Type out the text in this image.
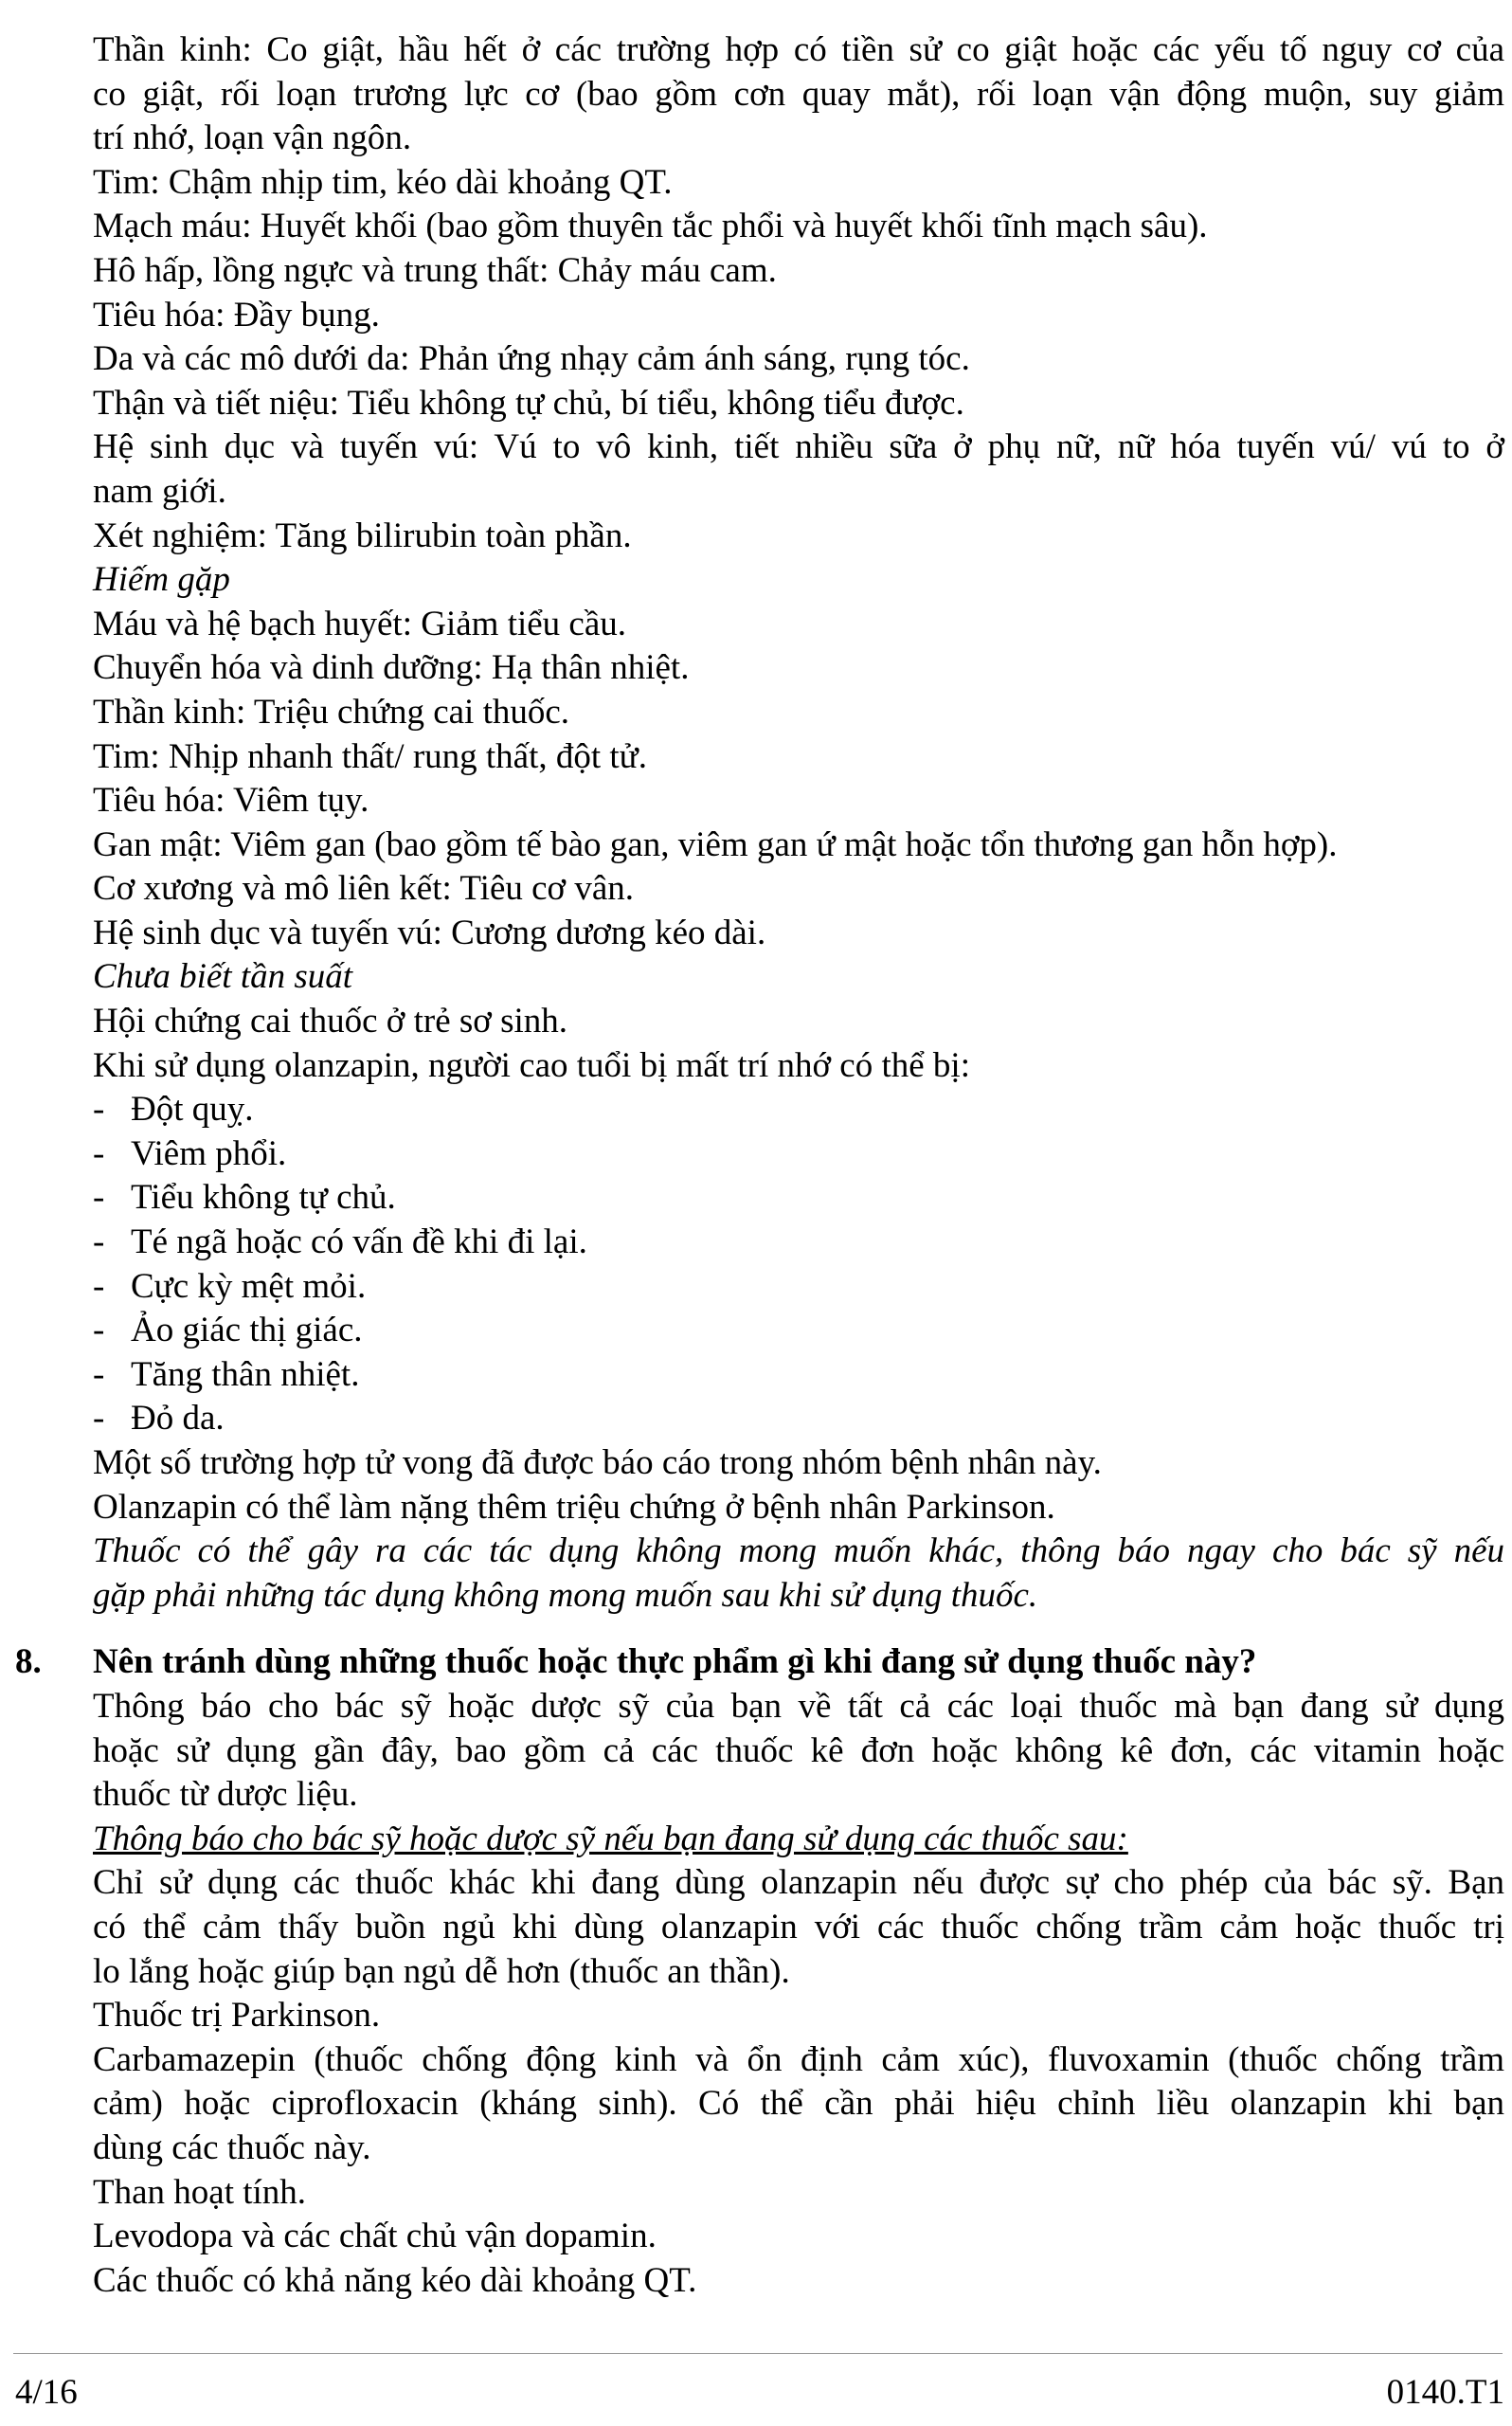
Thần kinh: Co giật, hầu hết ở các trường hợp có tiền sử co giật hoặc các yếu tố nguy cơ của
co giật, rối loạn trương lực cơ (bao gồm cơn quay mắt), rối loạn vận động muộn, suy giảm
trí nhớ, loạn vận ngôn.
Tim: Chậm nhịp tim, kéo dài khoảng QT.
Mạch máu: Huyết khối (bao gồm thuyên tắc phổi và huyết khối tĩnh mạch sâu).
Hô hấp, lồng ngực và trung thất: Chảy máu cam.
Tiêu hóa: Đầy bụng.
Da và các mô dưới da: Phản ứng nhạy cảm ánh sáng, rụng tóc.
Thận và tiết niệu: Tiểu không tự chủ, bí tiểu, không tiểu được.
Hệ sinh dục và tuyến vú: Vú to vô kinh, tiết nhiều sữa ở phụ nữ, nữ hóa tuyến vú/ vú to ở
nam giới.
Xét nghiệm: Tăng bilirubin toàn phần.
Hiếm gặp
Máu và hệ bạch huyết: Giảm tiểu cầu.
Chuyển hóa và dinh dưỡng: Hạ thân nhiệt.
Thần kinh: Triệu chứng cai thuốc.
Tim: Nhịp nhanh thất/ rung thất, đột tử.
Tiêu hóa: Viêm tụy.
Gan mật: Viêm gan (bao gồm tế bào gan, viêm gan ứ mật hoặc tổn thương gan hỗn hợp).
Cơ xương và mô liên kết: Tiêu cơ vân.
Hệ sinh dục và tuyến vú: Cương dương kéo dài.
Chưa biết tần suất
Hội chứng cai thuốc ở trẻ sơ sinh.
Khi sử dụng olanzapin, người cao tuổi bị mất trí nhớ có thể bị:
- Đột quỵ.
- Viêm phổi.
- Tiểu không tự chủ.
- Té ngã hoặc có vấn đề khi đi lại.
- Cực kỳ mệt mỏi.
- Ảo giác thị giác.
- Tăng thân nhiệt.
- Đỏ da.
Một số trường hợp tử vong đã được báo cáo trong nhóm bệnh nhân này.
Olanzapin có thể làm nặng thêm triệu chứng ở bệnh nhân Parkinson.
Thuốc có thể gây ra các tác dụng không mong muốn khác, thông báo ngay cho bác sỹ nếu
gặp phải những tác dụng không mong muốn sau khi sử dụng thuốc.
8. Nên tránh dùng những thuốc hoặc thực phẩm gì khi đang sử dụng thuốc này?
Thông báo cho bác sỹ hoặc dược sỹ của bạn về tất cả các loại thuốc mà bạn đang sử dụng
hoặc sử dụng gần đây, bao gồm cả các thuốc kê đơn hoặc không kê đơn, các vitamin hoặc
thuốc từ dược liệu.
Thông báo cho bác sỹ hoặc dược sỹ nếu bạn đang sử dụng các thuốc sau:
Chỉ sử dụng các thuốc khác khi đang dùng olanzapin nếu được sự cho phép của bác sỹ. Bạn
có thể cảm thấy buồn ngủ khi dùng olanzapin với các thuốc chống trầm cảm hoặc thuốc trị
lo lắng hoặc giúp bạn ngủ dễ hơn (thuốc an thần).
Thuốc trị Parkinson.
Carbamazepin (thuốc chống động kinh và ổn định cảm xúc), fluvoxamin (thuốc chống trầm
cảm) hoặc ciprofloxacin (kháng sinh). Có thể cần phải hiệu chỉnh liều olanzapin khi bạn
dùng các thuốc này.
Than hoạt tính.
Levodopa và các chất chủ vận dopamin.
Các thuốc có khả năng kéo dài khoảng QT.
4/16	0140.T1
